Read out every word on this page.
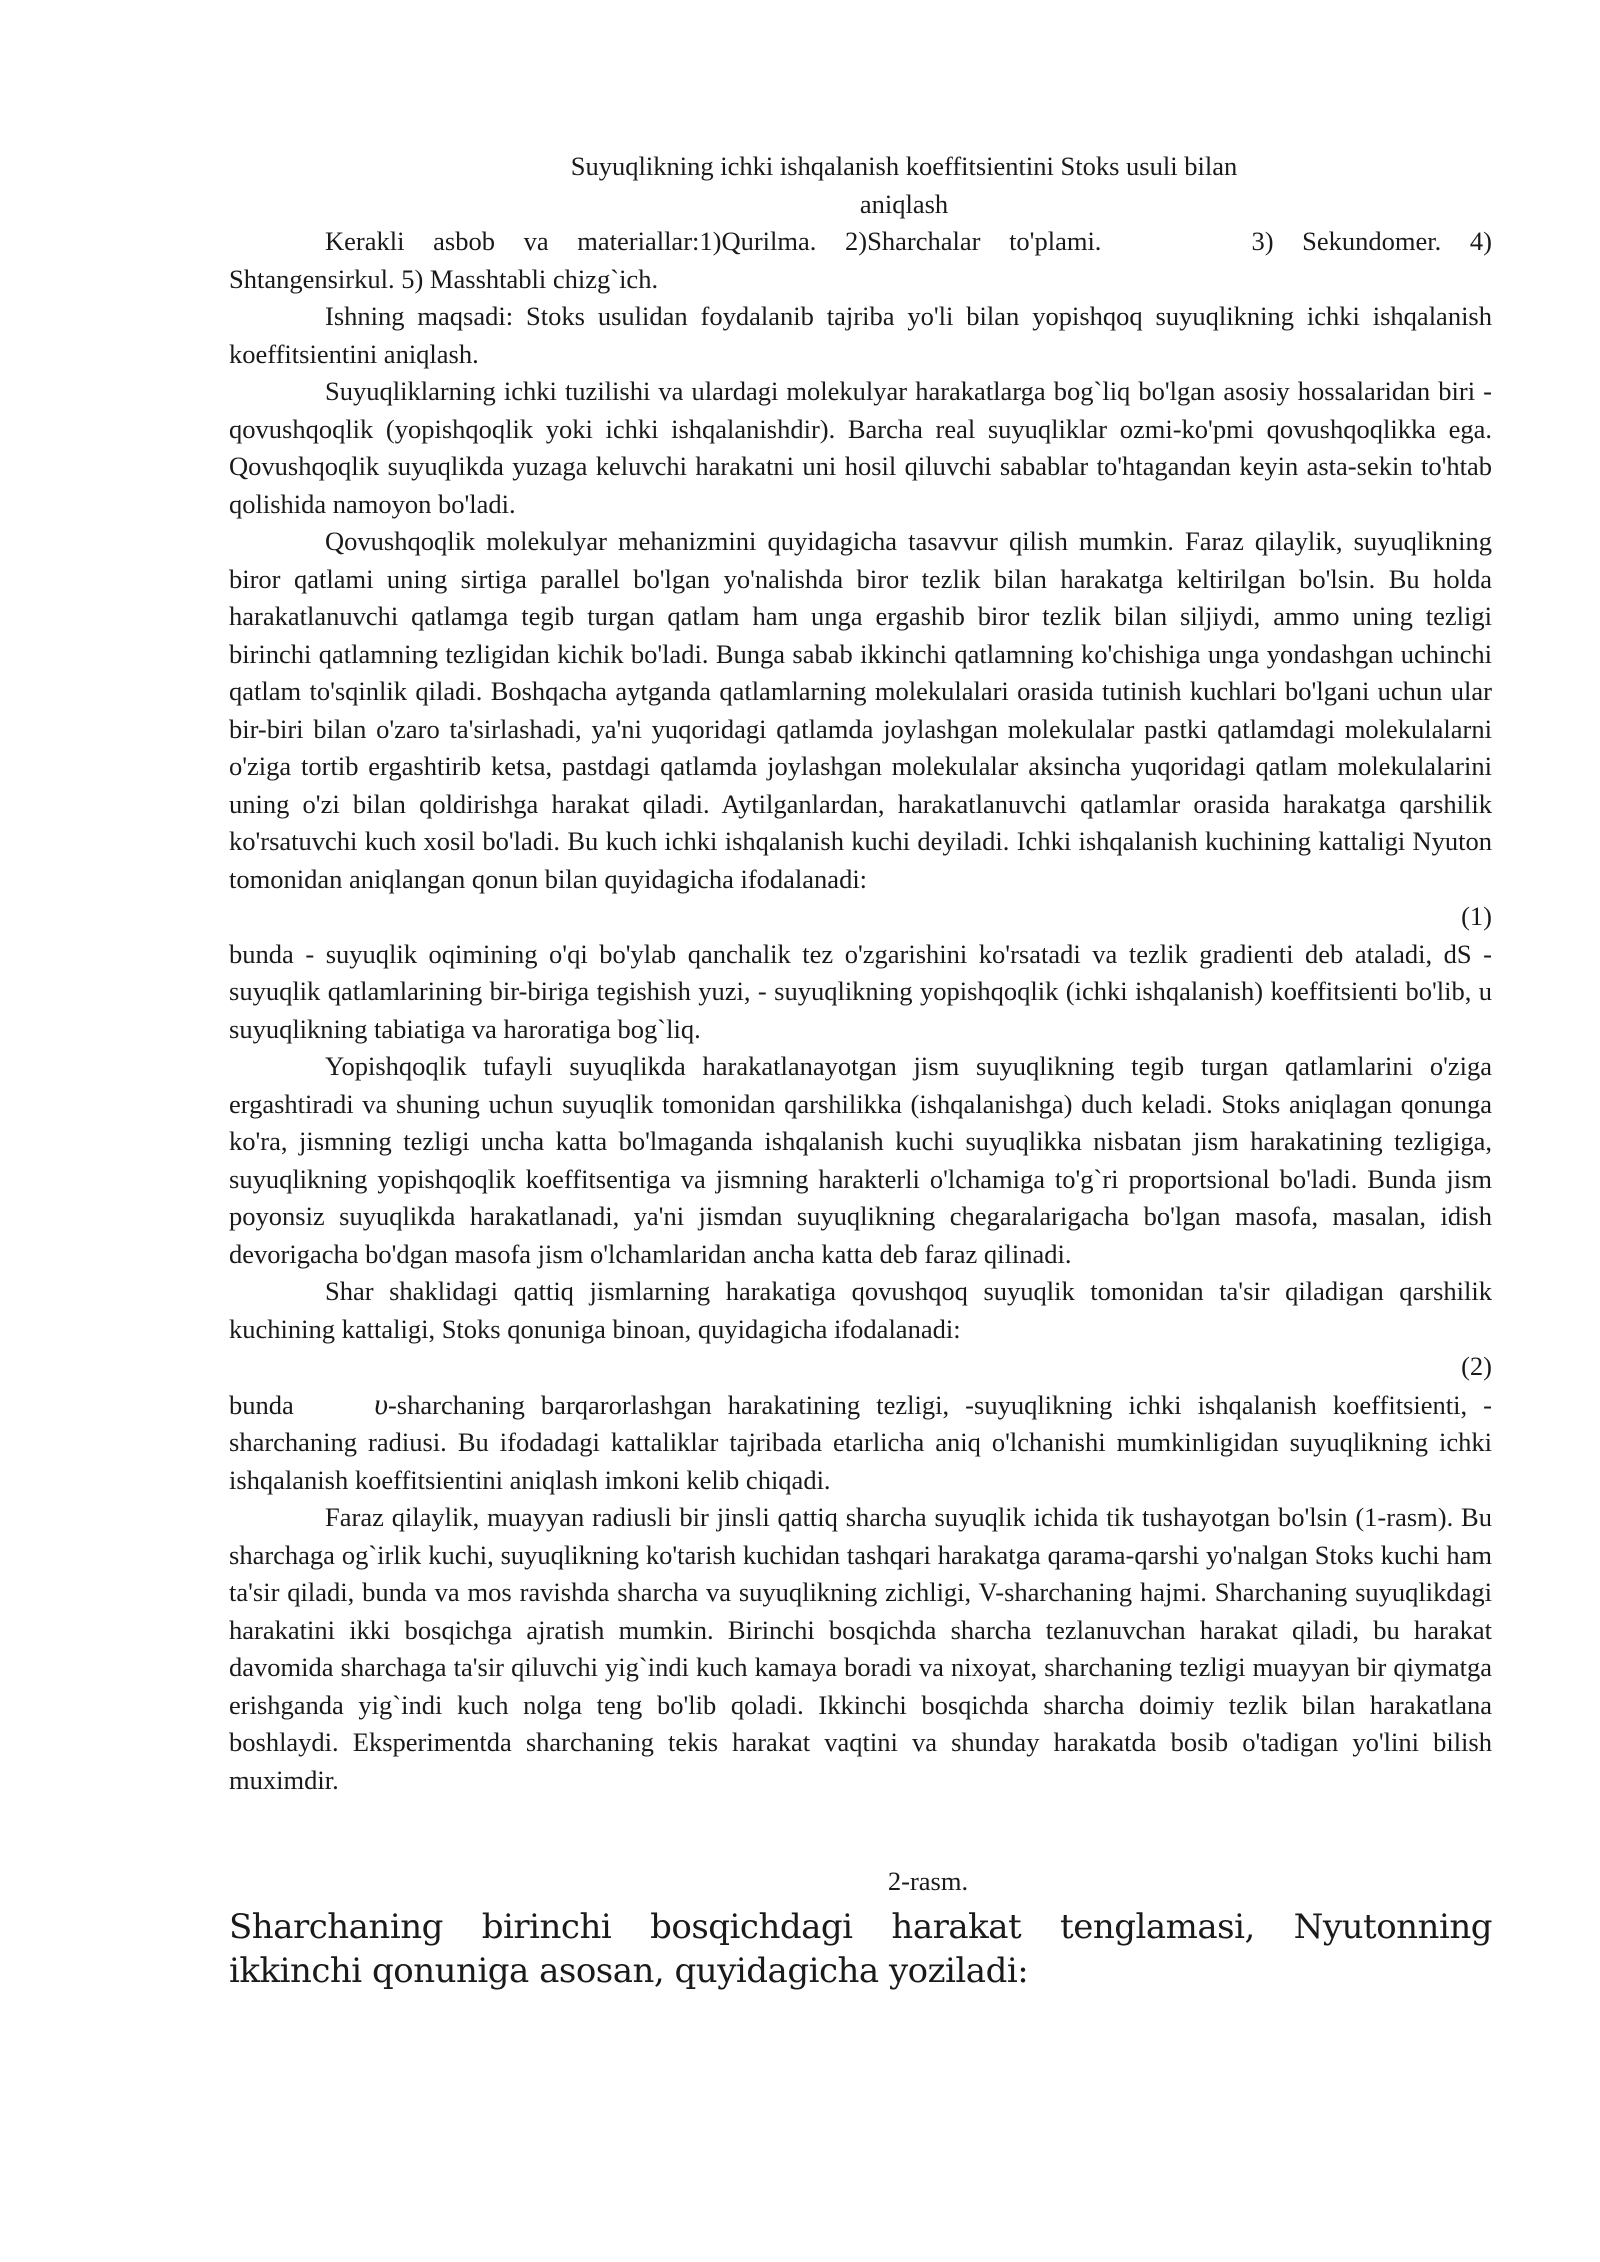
Suyuqlikning ichki ishqalanish koeffitsientini Stoks usuli bilan
aniqlash

Kerakli asbob va materiallar:1)Qurilma. 2)Sharchalar to'plami.	3) Sekundomer. 4) Shtangensirkul. 5) Masshtabli chizg`ich.

Ishning maqsadi: Stoks usulidan foydalanib tajriba yo'li bilan yopishqoq suyuqlikning ichki ishqalanish koeffitsientini aniqlash.

Suyuqliklarning ichki tuzilishi va ulardagi molekulyar harakatlarga bog`liq bo'lgan asosiy hossalaridan biri - qovushqoqlik (yopishqoqlik yoki ichki ishqalanishdir). Barcha real suyuqliklar ozmi-ko'pmi qovushqoqlikka ega. Qovushqoqlik suyuqlikda yuzaga keluvchi harakatni uni hosil qiluvchi sabablar to'htagandan keyin asta-sekin to'htab qolishida namoyon bo'ladi.

Qovushqoqlik molekulyar mehanizmini quyidagicha tasavvur qilish mumkin. Faraz qilaylik, suyuqlikning biror qatlami uning sirtiga parallel bo'lgan yo'nalishda biror tezlik bilan harakatga keltirilgan bo'lsin. Bu holda harakatlanuvchi qatlamga tegib turgan qatlam ham unga ergashib biror tezlik bilan siljiydi, ammo uning tezligi birinchi qatlamning tezligidan kichik bo'ladi. Bunga sabab ikkinchi qatlamning ko'chishiga unga yondashgan uchinchi qatlam to'sqinlik qiladi. Boshqacha aytganda qatlamlarning molekulalari orasida tutinish kuchlari bo'lgani uchun ular bir-biri bilan o'zaro ta'sirlashadi, ya'ni yuqoridagi qatlamda joylashgan molekulalar pastki qatlamdagi molekulalarni o'ziga tortib ergashtirib ketsa, pastdagi qatlamda joylashgan molekulalar aksincha yuqoridagi qatlam molekulalarini uning o'zi bilan qoldirishga harakat qiladi. Aytilganlardan, harakatlanuvchi qatlamlar orasida harakatga qarshilik ko'rsatuvchi kuch xosil bo'ladi. Bu kuch ichki ishqalanish kuchi deyiladi. Ichki ishqalanish kuchining kattaligi Nyuton tomonidan aniqlangan qonun bilan quyidagicha ifodalanadi:

(1)

bunda - suyuqlik oqimining o'qi bo'ylab qanchalik tez o'zgarishini ko'rsatadi va tezlik gradienti deb ataladi, dS - suyuqlik qatlamlarining bir-biriga tegishish yuzi, - suyuqlikning yopishqoqlik (ichki ishqalanish) koeffitsienti bo'lib, u suyuqlikning tabiatiga va haroratiga bog`liq.

Yopishqoqlik tufayli suyuqlikda harakatlanayotgan jism suyuqlikning tegib turgan qatlamlarini o'ziga ergashtiradi va shuning uchun suyuqlik tomonidan qarshilikka (ishqalanishga) duch keladi. Stoks aniqlagan qonunga ko'ra, jismning tezligi uncha katta bo'lmaganda ishqalanish kuchi suyuqlikka nisbatan jism harakatining tezligiga, suyuqlikning yopishqoqlik koeffitsentiga va jismning harakterli o'lchamiga to'g`ri proportsional bo'ladi. Bunda jism poyonsiz suyuqlikda harakatlanadi, ya'ni jismdan suyuqlikning chegaralarigacha bo'lgan masofa, masalan, idish devorigacha bo'dgan masofa jism o'lchamlaridan ancha katta deb faraz qilinadi.

Shar shaklidagi qattiq jismlarning harakatiga qovushqoq suyuqlik tomonidan ta'sir qiladigan qarshilik kuchining kattaligi, Stoks qonuniga binoan, quyidagicha ifodalanadi:

(2)

bunda	υ-sharchaning barqarorlashgan harakatining tezligi, -suyuqlikning ichki ishqalanish koeffitsienti, -sharchaning radiusi. Bu ifodadagi kattaliklar tajribada etarlicha aniq o'lchanishi mumkinligidan suyuqlikning ichki ishqalanish koeffitsientini aniqlash imkoni kelib chiqadi.

Faraz qilaylik, muayyan radiusli bir jinsli qattiq sharcha suyuqlik ichida tik tushayotgan bo'lsin (1-rasm). Bu sharchaga og`irlik kuchi, suyuqlikning ko'tarish kuchidan tashqari harakatga qarama-qarshi yo'nalgan Stoks kuchi ham ta'sir qiladi, bunda va mos ravishda sharcha va suyuqlikning zichligi, V-sharchaning hajmi. Sharchaning suyuqlikdagi harakatini ikki bosqichga ajratish mumkin. Birinchi bosqichda sharcha tezlanuvchan harakat qiladi, bu harakat davomida sharchaga ta'sir qiluvchi yig`indi kuch kamaya boradi va nixoyat, sharchaning tezligi muayyan bir qiymatga erishganda yig`indi kuch nolga teng bo'lib qoladi. Ikkinchi bosqichda sharcha doimiy tezlik bilan harakatlana boshlaydi. Eksperimentda sharchaning tekis harakat vaqtini va shunday harakatda bosib o'tadigan yo'lini bilish muximdir.

2-rasm.

Sharchaning birinchi bosqichdagi harakat tenglamasi, Nyutonning ikkinchi qonuniga asosan, quyidagicha yoziladi:
